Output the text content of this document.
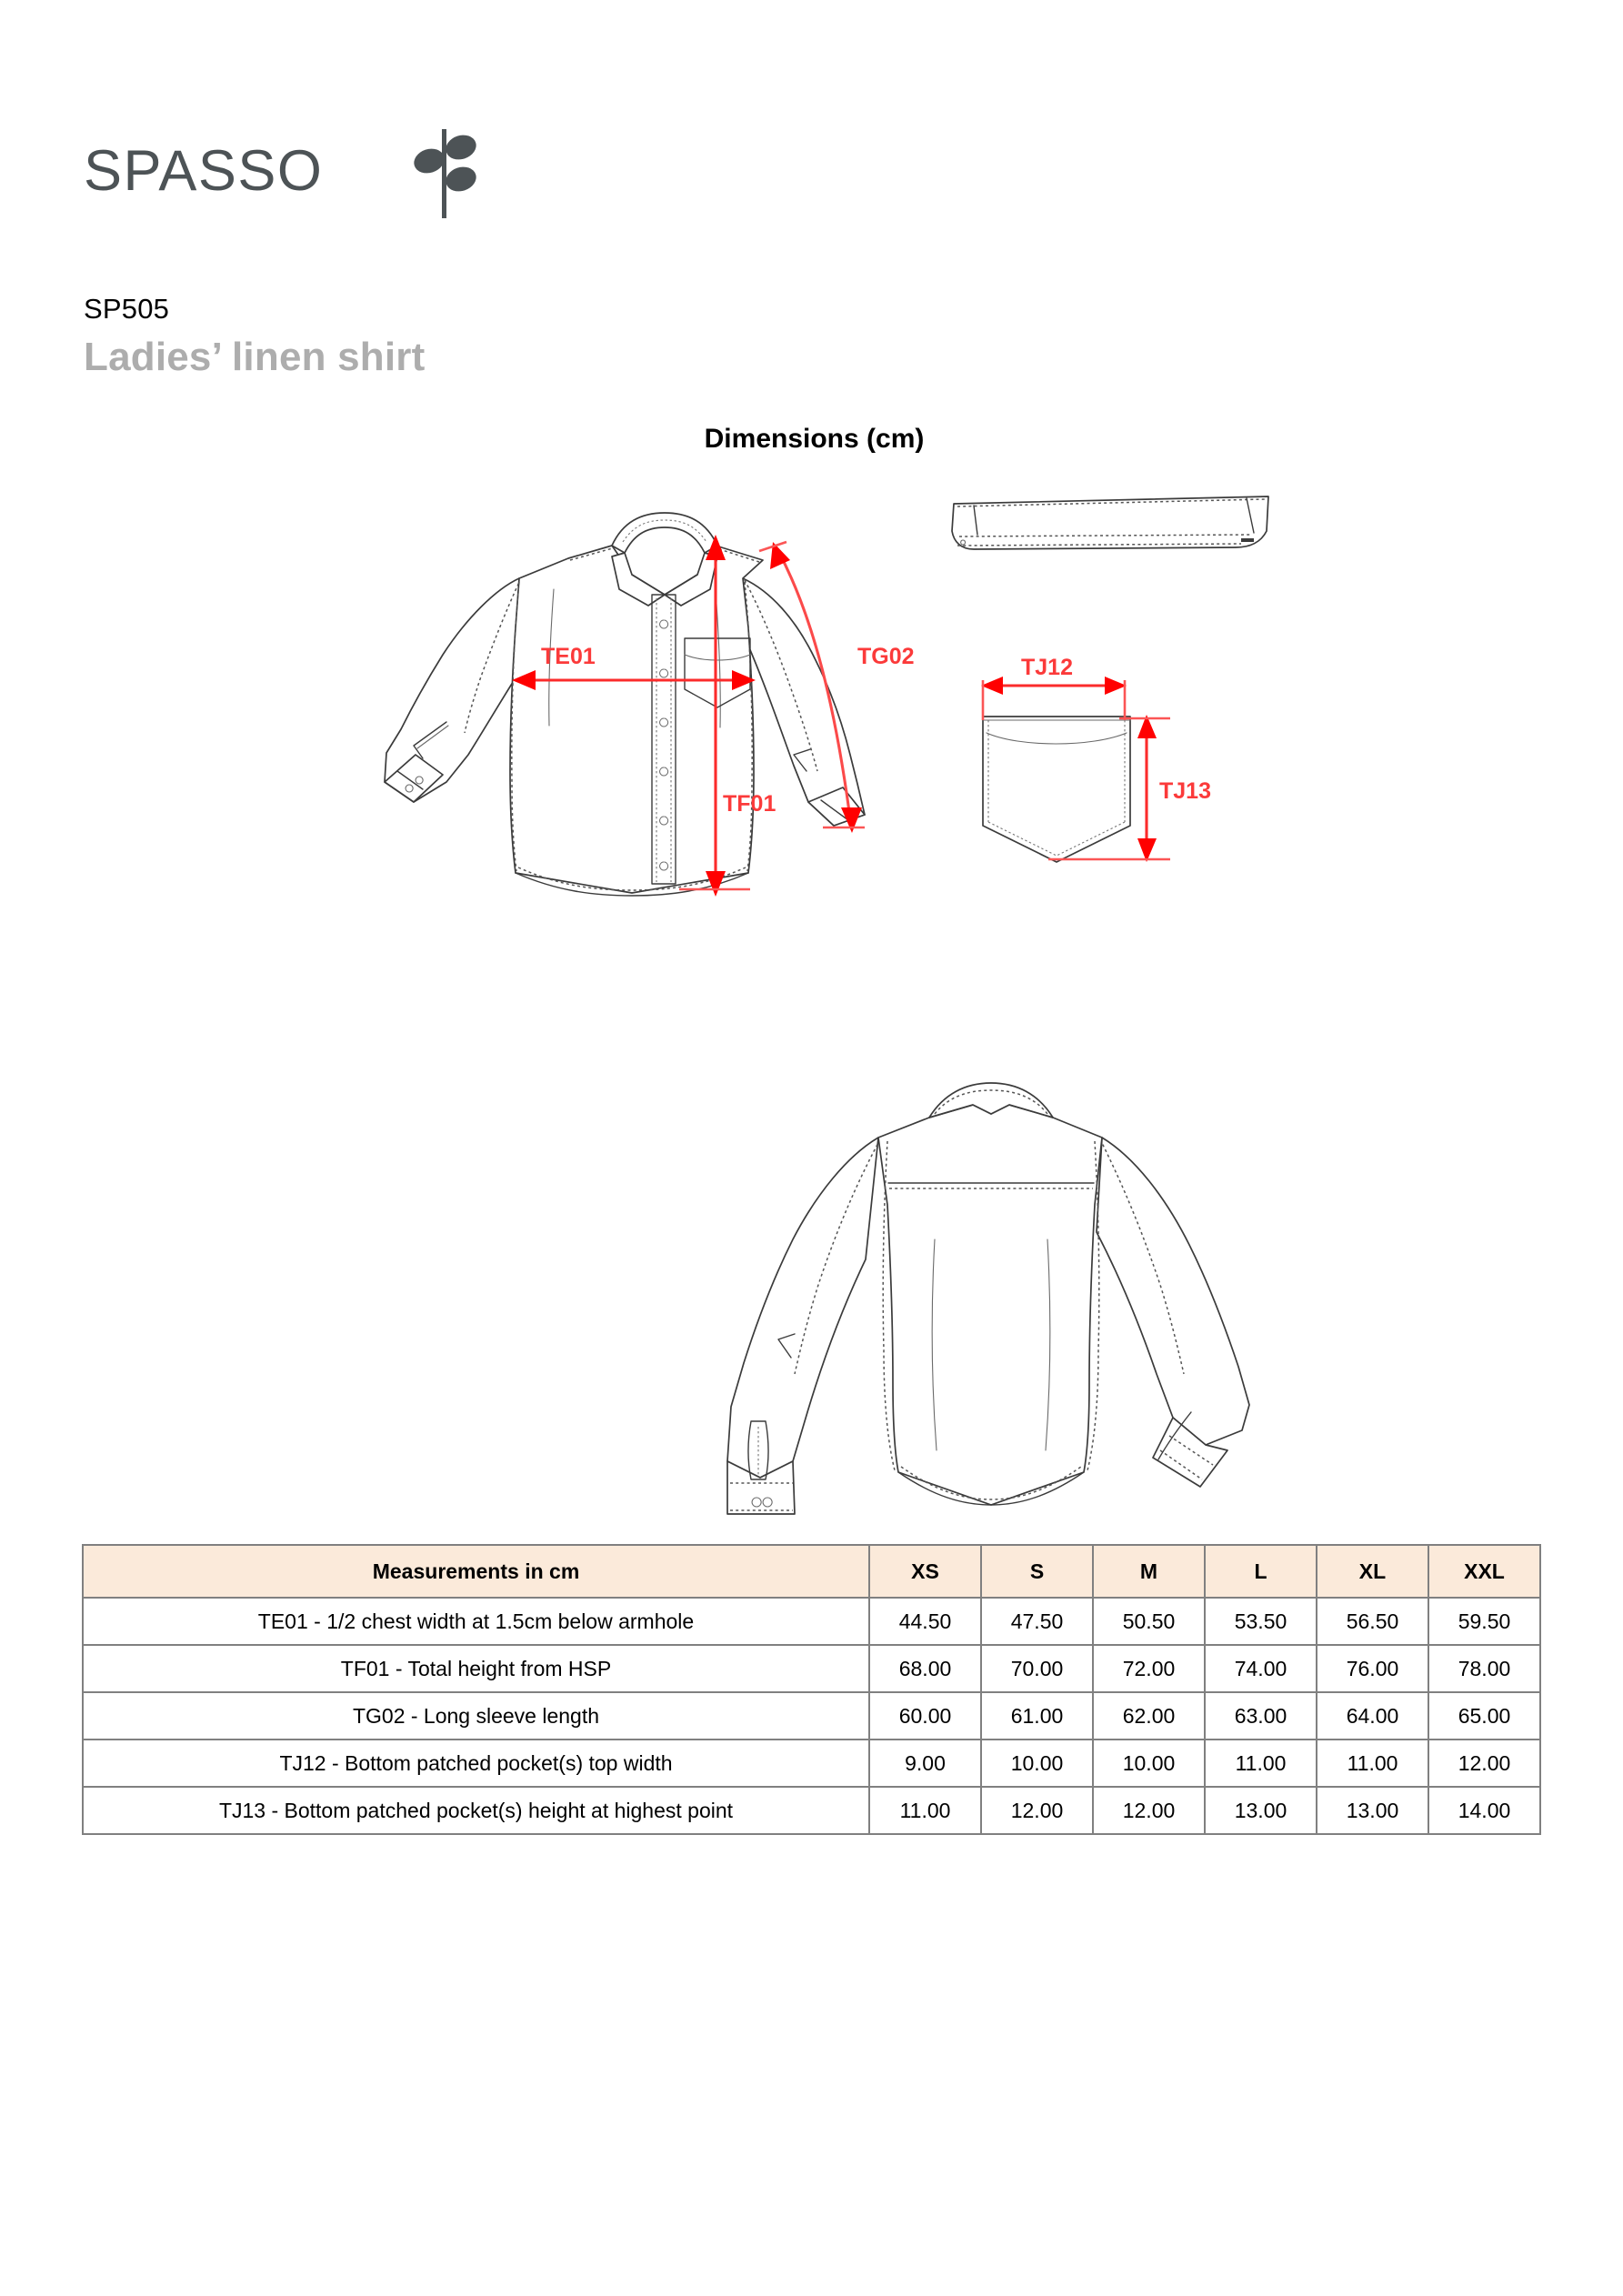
SPASSO
SP505
Ladies’ linen shirt
Dimensions (cm)
TE01
TF01
TG02	TJ12
TJ13
Measurements in cm	XS	S	M	L	XL	XXL
TE01 - 1/2 chest width at 1.5cm below armhole	44.50	47.50	50.50	53.50	56.50	59.50
TF01 - Total height from HSP	68.00	70.00	72.00	74.00	76.00	78.00
TG02 - Long sleeve length	60.00	61.00	62.00	63.00	64.00	65.00
TJ12 - Bottom patched pocket(s) top width	9.00	10.00	10.00	11.00	11.00	12.00
TJ13 - Bottom patched pocket(s) height at highest point	11.00	12.00	12.00	13.00	13.00	14.00
